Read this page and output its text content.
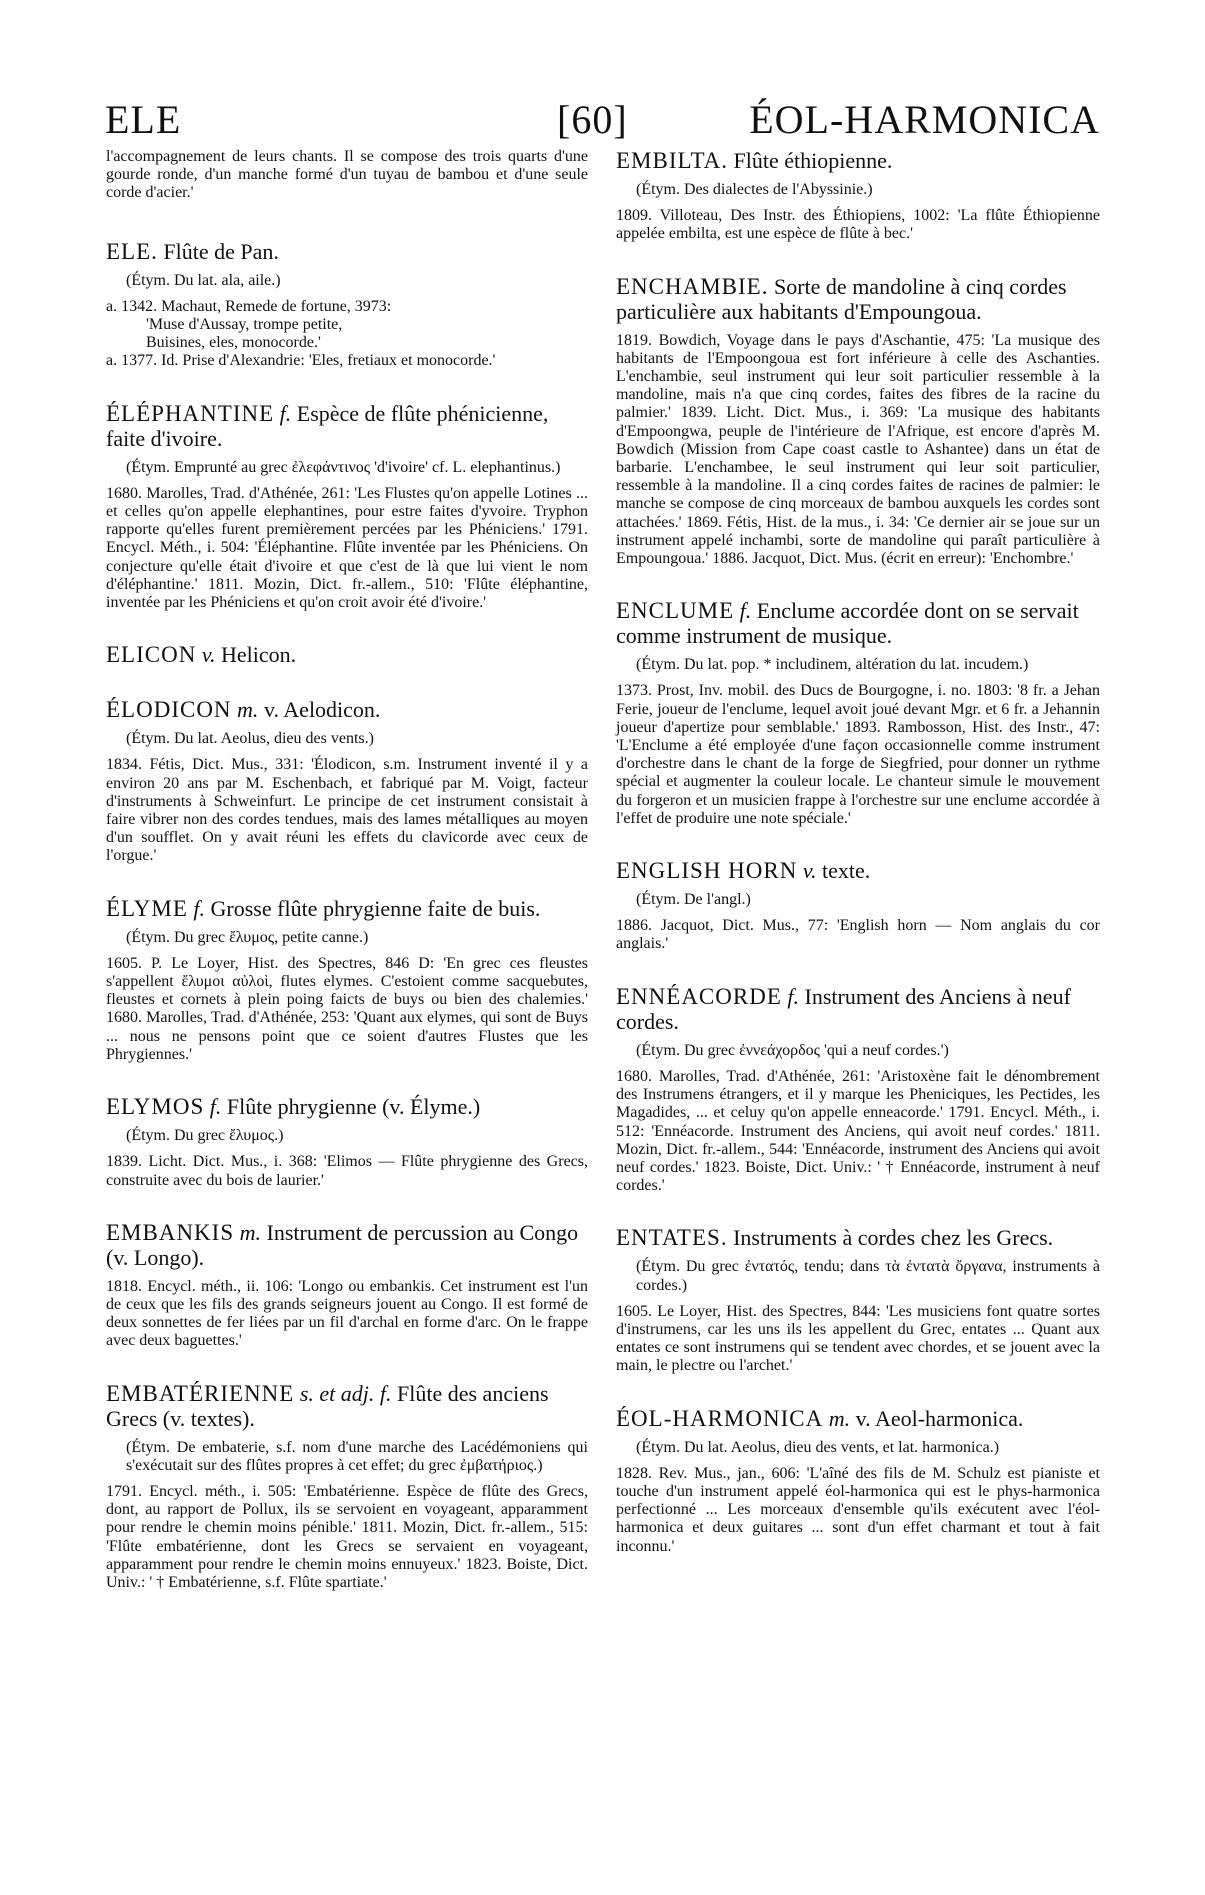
ELE	[60]	ÉOL-HARMONICA

l'accompagnement de leurs chants. Il se compose des trois quarts d'une gourde ronde, d'un manche formé d'un tuyau de bambou et d'une seule corde d'acier.'

ELE. Flûte de Pan.

(Étym. Du lat. ala, aile.)

a. 1342. Machaut, Remede de fortune, 3973:

'Muse d'Aussay, trompe petite,

Buisines, eles, monocorde.'

a. 1377. Id. Prise d'Alexandrie: 'Eles, fretiaux et monocorde.'

ÉLÉPHANTINE f. Espèce de flûte phénicienne, faite d'ivoire.

(Étym. Emprunté au grec ἐλεφάντινος 'd'ivoire' cf. L. elephantinus.)

1680. Marolles, Trad. d'Athénée, 261: 'Les Flustes qu'on appelle Lotines ... et celles qu'on appelle elephantines, pour estre faites d'yvoire. Tryphon rapporte qu'elles furent premièrement percées par les Phéniciens.' 1791. Encycl. Méth., i. 504: 'Éléphantine. Flûte inventée par les Phéniciens. On conjecture qu'elle était d'ivoire et que c'est de là que lui vient le nom d'éléphantine.' 1811. Mozin, Dict. fr.-allem., 510: 'Flûte éléphantine, inventée par les Phéniciens et qu'on croit avoir été d'ivoire.'

ELICON v. Helicon.

ÉLODICON m. v. Aelodicon.

(Étym. Du lat. Aeolus, dieu des vents.)

1834. Fétis, Dict. Mus., 331: 'Élodicon, s.m. Instrument inventé il y a environ 20 ans par M. Eschenbach, et fabriqué par M. Voigt, facteur d'instruments à Schweinfurt. Le principe de cet instrument consistait à faire vibrer non des cordes tendues, mais des lames métalliques au moyen d'un soufflet. On y avait réuni les effets du clavicorde avec ceux de l'orgue.'

ÉLYME f. Grosse flûte phrygienne faite de buis.

(Étym. Du grec ἔλυμος, petite canne.)

1605. P. Le Loyer, Hist. des Spectres, 846 D: 'En grec ces fleustes s'appellent ἔλυμοι αὐλοὶ, flutes elymes. C'estoient comme sacquebutes, fleustes et cornets à plein poing faicts de buys ou bien des chalemies.' 1680. Marolles, Trad. d'Athénée, 253: 'Quant aux elymes, qui sont de Buys ... nous ne pensons point que ce soient d'autres Flustes que les Phrygiennes.'

ELYMOS f. Flûte phrygienne (v. Élyme.)

(Étym. Du grec ἔλυμος.)

1839. Licht. Dict. Mus., i. 368: 'Elimos — Flûte phrygienne des Grecs, construite avec du bois de laurier.'

EMBANKIS m. Instrument de percussion au Congo (v. Longo).

1818. Encycl. méth., ii. 106: 'Longo ou embankis. Cet instrument est l'un de ceux que les fils des grands seigneurs jouent au Congo. Il est formé de deux sonnettes de fer liées par un fil d'archal en forme d'arc. On le frappe avec deux baguettes.'

EMBATÉRIENNE s. et adj. f. Flûte des anciens Grecs (v. textes).

(Étym. De embaterie, s.f. nom d'une marche des Lacédémoniens qui s'exécutait sur des flûtes propres à cet effet; du grec ἐμβατήριος.)

1791. Encycl. méth., i. 505: 'Embatérienne. Espèce de flûte des Grecs, dont, au rapport de Pollux, ils se servoient en voyageant, apparamment pour rendre le chemin moins pénible.' 1811. Mozin, Dict. fr.-allem., 515: 'Flûte embatérienne, dont les Grecs se servaient en voyageant, apparamment pour rendre le chemin moins ennuyeux.' 1823. Boiste, Dict. Univ.: ' † Embatérienne, s.f. Flûte spartiate.'

EMBILTA. Flûte éthiopienne.

(Étym. Des dialectes de l'Abyssinie.)

1809. Villoteau, Des Instr. des Éthiopiens, 1002: 'La flûte Éthiopienne appelée embilta, est une espèce de flûte à bec.'

ENCHAMBIE. Sorte de mandoline à cinq cordes particulière aux habitants d'Empoungoua.

1819. Bowdich, Voyage dans le pays d'Aschantie, 475: 'La musique des habitants de l'Empoongoua est fort inférieure à celle des Aschanties. L'enchambie, seul instrument qui leur soit particulier ressemble à la mandoline, mais n'a que cinq cordes, faites des fibres de la racine du palmier.' 1839. Licht. Dict. Mus., i. 369: 'La musique des habitants d'Empoongwa, peuple de l'intérieure de l'Afrique, est encore d'après M. Bowdich (Mission from Cape coast castle to Ashantee) dans un état de barbarie. L'enchambee, le seul instrument qui leur soit particulier, ressemble à la mandoline. Il a cinq cordes faites de racines de palmier: le manche se compose de cinq morceaux de bambou auxquels les cordes sont attachées.' 1869. Fétis, Hist. de la mus., i. 34: 'Ce dernier air se joue sur un instrument appelé inchambi, sorte de mandoline qui paraît particulière à Empoungoua.' 1886. Jacquot, Dict. Mus. (écrit en erreur): 'Enchombre.'

ENCLUME f. Enclume accordée dont on se servait comme instrument de musique.

(Étym. Du lat. pop. * includinem, altération du lat. incudem.)

1373. Prost, Inv. mobil. des Ducs de Bourgogne, i. no. 1803: '8 fr. a Jehan Ferie, joueur de l'enclume, lequel avoit joué devant Mgr. et 6 fr. a Jehannin joueur d'apertize pour semblable.' 1893. Rambosson, Hist. des Instr., 47: 'L'Enclume a été employée d'une façon occasionnelle comme instrument d'orchestre dans le chant de la forge de Siegfried, pour donner un rythme spécial et augmenter la couleur locale. Le chanteur simule le mouvement du forgeron et un musicien frappe à l'orchestre sur une enclume accordée à l'effet de produire une note spéciale.'

ENGLISH HORN v. texte.

(Étym. De l'angl.)

1886. Jacquot, Dict. Mus., 77: 'English horn — Nom anglais du cor anglais.'

ENNÉACORDE f. Instrument des Anciens à neuf cordes.

(Étym. Du grec ἐννεάχορδος 'qui a neuf cordes.')

1680. Marolles, Trad. d'Athénée, 261: 'Aristoxène fait le dénombrement des Instrumens étrangers, et il y marque les Pheniciques, les Pectides, les Magadides, ... et celuy qu'on appelle enneacorde.' 1791. Encycl. Méth., i. 512: 'Ennéacorde. Instrument des Anciens, qui avoit neuf cordes.' 1811. Mozin, Dict. fr.-allem., 544: 'Ennéacorde, instrument des Anciens qui avoit neuf cordes.' 1823. Boiste, Dict. Univ.: ' † Ennéacorde, instrument à neuf cordes.'

ENTATES. Instruments à cordes chez les Grecs.

(Étym. Du grec ἐντατός, tendu; dans τὰ ἐντατὰ ὄργανα, instruments à cordes.)

1605. Le Loyer, Hist. des Spectres, 844: 'Les musiciens font quatre sortes d'instrumens, car les uns ils les appellent du Grec, entates ... Quant aux entates ce sont instrumens qui se tendent avec chordes, et se jouent avec la main, le plectre ou l'archet.'

ÉOL-HARMONICA m. v. Aeol-harmonica.

(Étym. Du lat. Aeolus, dieu des vents, et lat. harmonica.)

1828. Rev. Mus., jan., 606: 'L'aîné des fils de M. Schulz est pianiste et touche d'un instrument appelé éol-harmonica qui est le phys-harmonica perfectionné ... Les morceaux d'ensemble qu'ils exécutent avec l'éol-harmonica et deux guitares ... sont d'un effet charmant et tout à fait inconnu.'
